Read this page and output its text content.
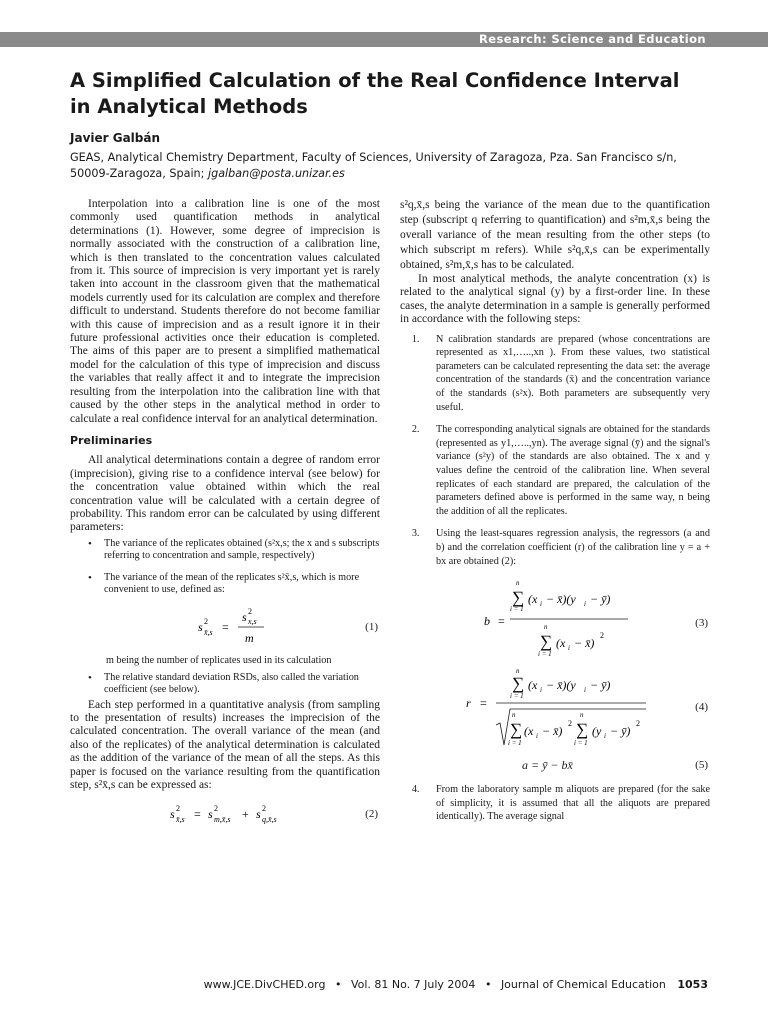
Research: Science and Education
A Simplified Calculation of the Real Confidence Interval in Analytical Methods
Javier Galbán
GEAS, Analytical Chemistry Department, Faculty of Sciences, University of Zaragoza, Pza. San Francisco s/n, 50009-Zaragoza, Spain; jgalban@posta.unizar.es

Interpolation into a calibration line is one of the most commonly used quantification methods in analytical determinations (1). However, some degree of imprecision is normally associated with the construction of a calibration line, which is then translated to the concentration values calculated from it. This source of imprecision is very important yet is rarely taken into account in the classroom given that the mathematical models currently used for its calculation are complex and therefore difficult to understand. Students therefore do not become familiar with this cause of imprecision and as a result ignore it in their future professional activities once their education is completed. The aims of this paper are to present a simplified mathematical model for the calculation of this type of imprecision and discuss the variables that really affect it and to integrate the imprecision resulting from the interpolation into the calibration line with that caused by the other steps in the analytical method in order to calculate a real confidence interval for an analytical determination.

Preliminaries

All analytical determinations contain a degree of random error (imprecision), giving rise to a confidence interval (see below) for the concentration value obtained within which the real concentration value will be calculated with a certain degree of probability. This random error can be calculated by using different parameters:

• The variance of the replicates obtained (s²x,s; the x and s subscripts referring to concentration and sample, respectively)
• The variance of the mean of the replicates s²x̄,s, which is more convenient to use, defined as:
s 2
x̄,s =
s 2
x,s
m
(1)

m being the number of replicates used in its calculation

• The relative standard deviation RSDs, also called the variation coefficient (see below).

Each step performed in a quantitative analysis (from sampling to the presentation of results) increases the imprecision of the calculated concentration. The overall variance of the mean (and also of the replicates) of the analytical determination is calculated as the addition of the variance of the mean of all the steps. As this paper is focused on the variance resulting from the quantification step, s²x̄,s can be expressed as:

s 2
x̄,s = s 2
m,x̄,s + s 2
q,x̄,s	(2)

s²q,x̄,s being the variance of the mean due to the quantification step (subscript q referring to quantification) and s²m,x̄,s being the overall variance of the mean resulting from the other steps (to which subscript m refers). While s²q,x̄,s can be experimentally obtained, s²m,x̄,s has to be calculated.

In most analytical methods, the analyte concentration (x) is related to the analytical signal (y) by a first-order line. In these cases, the analyte determination in a sample is generally performed in accordance with the following steps:

1. N calibration standards are prepared (whose concentrations are represented as x1,…..,xn ). From these values, two statistical parameters can be calculated representing the data set: the average concentration of the standards (x̄) and the concentration variance of the standards (s²x). Both parameters are subsequently very useful.
2. The corresponding analytical signals are obtained for the standards (represented as y1,…..,yn). The average signal (ȳ) and the signal's variance (s²y) of the standards are also obtained. The x and y values define the centroid of the calibration line. When several replicates of each standard are prepared, the calculation of the parameters defined above is performed in the same way, n being the addition of all the replicates.
3. Using the least-squares regression analysis, the regressors (a and b) and the correlation coefficient (r) of the calibration line y = a + bx are obtained (2):
b =
n
∑
i = 1
(x i − x̄)(y i − ȳ)
n
∑
i = 1
(x i − x̄)
2
(3)
r =
n
∑
i = 1
(x i − x̄)(y i − ȳ)
n
∑
i = 1
(x i − x̄)
2
n
∑
i = 1
(y i − ȳ)
2
(4)
a = ȳ − bx̄	(5)
4. From the laboratory sample m aliquots are prepared (for the sake of simplicity, it is assumed that all the aliquots are prepared identically). The average signal
www.JCE.DivCHED.org • Vol. 81 No. 7 July 2004 • Journal of Chemical Education 1053
